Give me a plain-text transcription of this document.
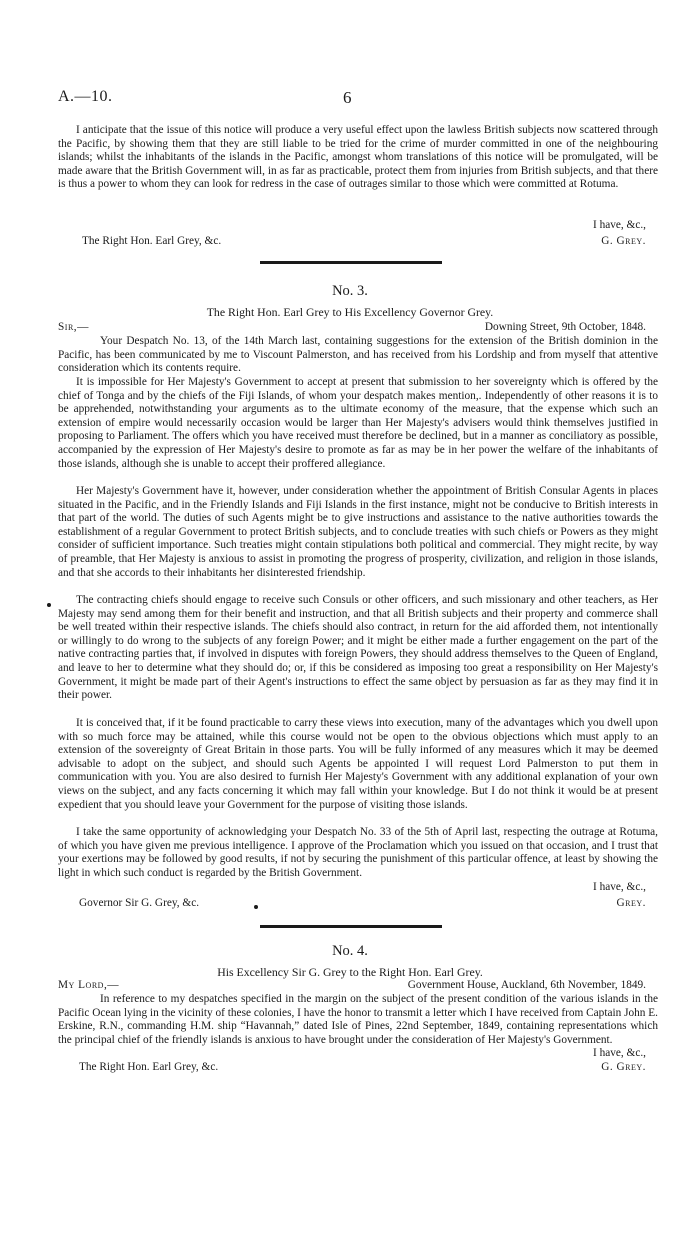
A.—10.	6
I anticipate that the issue of this notice will produce a very useful effect upon the lawless British subjects now scattered through the Pacific, by showing them that they are still liable to be tried for the crime of murder committed in one of the neighbouring islands; whilst the inhabitants of the islands in the Pacific, amongst whom translations of this notice will be promulgated, will be made aware that the British Government will, in as far as practicable, protect them from injuries from British subjects, and that there is thus a power to whom they can look for redress in the case of outrages similar to those which were committed at Rotuma.
I have, &c.,
The Right Hon. Earl Grey, &c.	G. Grey.
No. 3.
The Right Hon. Earl Grey to His Excellency Governor Grey.
Sir,—	Downing Street, 9th October, 1848.
Your Despatch No. 13, of the 14th March last, containing suggestions for the extension of the British dominion in the Pacific, has been communicated by me to Viscount Palmerston, and has received from his Lordship and from myself that attentive consideration which its contents require.
It is impossible for Her Majesty's Government to accept at present that submission to her sovereignty which is offered by the chief of Tonga and by the chiefs of the Fiji Islands, of whom your despatch makes mention,. Independently of other reasons it is to be apprehended, notwithstanding your arguments as to the ultimate economy of the measure, that the expense which such an extension of empire would necessarily occasion would be larger than Her Majesty's advisers would think themselves justified in proposing to Parliament. The offers which you have received must therefore be declined, but in a manner as conciliatory as possible, accompanied by the expression of Her Majesty's desire to promote as far as may be in her power the welfare of the inhabitants of those islands, although she is unable to accept their proffered allegiance.
Her Majesty's Government have it, however, under consideration whether the appointment of British Consular Agents in places situated in the Pacific, and in the Friendly Islands and Fiji Islands in the first instance, might not be conducive to British interests in that part of the world. The duties of such Agents might be to give instructions and assistance to the native authorities towards the establishment of a regular Government to protect British subjects, and to conclude treaties with such chiefs or Powers as they might consider of sufficient importance. Such treaties might contain stipulations both political and commercial. They might recite, by way of preamble, that Her Majesty is anxious to assist in promoting the progress of prosperity, civilization, and religion in those islands, and that she accords to their inhabitants her disinterested friendship.
The contracting chiefs should engage to receive such Consuls or other officers, and such missionary and other teachers, as Her Majesty may send among them for their benefit and instruction, and that all British subjects and their property and commerce shall be well treated within their respective islands. The chiefs should also contract, in return for the aid afforded them, not intentionally or willingly to do wrong to the subjects of any foreign Power; and it might be either made a further engagement on the part of the native contracting parties that, if involved in disputes with foreign Powers, they should address themselves to the Queen of England, and leave to her to determine what they should do; or, if this be considered as imposing too great a responsibility on Her Majesty's Government, it might be made part of their Agent's instructions to effect the same object by persuasion as far as they may find it in their power.
It is conceived that, if it be found practicable to carry these views into execution, many of the advantages which you dwell upon with so much force may be attained, while this course would not be open to the obvious objections which must apply to an extension of the sovereignty of Great Britain in those parts. You will be fully informed of any measures which it may be deemed advisable to adopt on the subject, and should such Agents be appointed I will request Lord Palmerston to put them in communication with you. You are also desired to furnish Her Majesty's Government with any additional explanation of your own views on the subject, and any facts concerning it which may fall within your knowledge. But I do not think it would be at present expedient that you should leave your Government for the purpose of visiting those islands.
I take the same opportunity of acknowledging your Despatch No. 33 of the 5th of April last, respecting the outrage at Rotuma, of which you have given me previous intelligence. I approve of the Proclamation which you issued on that occasion, and I trust that your exertions may be followed by good results, if not by securing the punishment of this particular offence, at least by showing the light in which such conduct is regarded by the British Government.
I have, &c.,
Governor Sir G. Grey, &c.	Grey.
No. 4.
His Excellency Sir G. Grey to the Right Hon. Earl Grey.
My Lord,—	Government House, Auckland, 6th November, 1849.
In reference to my despatches specified in the margin on the subject of the present condition of the various islands in the Pacific Ocean lying in the vicinity of these colonies, I have the honor to transmit a letter which I have received from Captain John E. Erskine, R.N., commanding H.M. ship “Havannah,” dated Isle of Pines, 22nd September, 1849, containing representations which the principal chief of the friendly islands is anxious to have brought under the consideration of Her Majesty's Government.
I have, &c.,
The Right Hon. Earl Grey, &c.	G. Grey.
